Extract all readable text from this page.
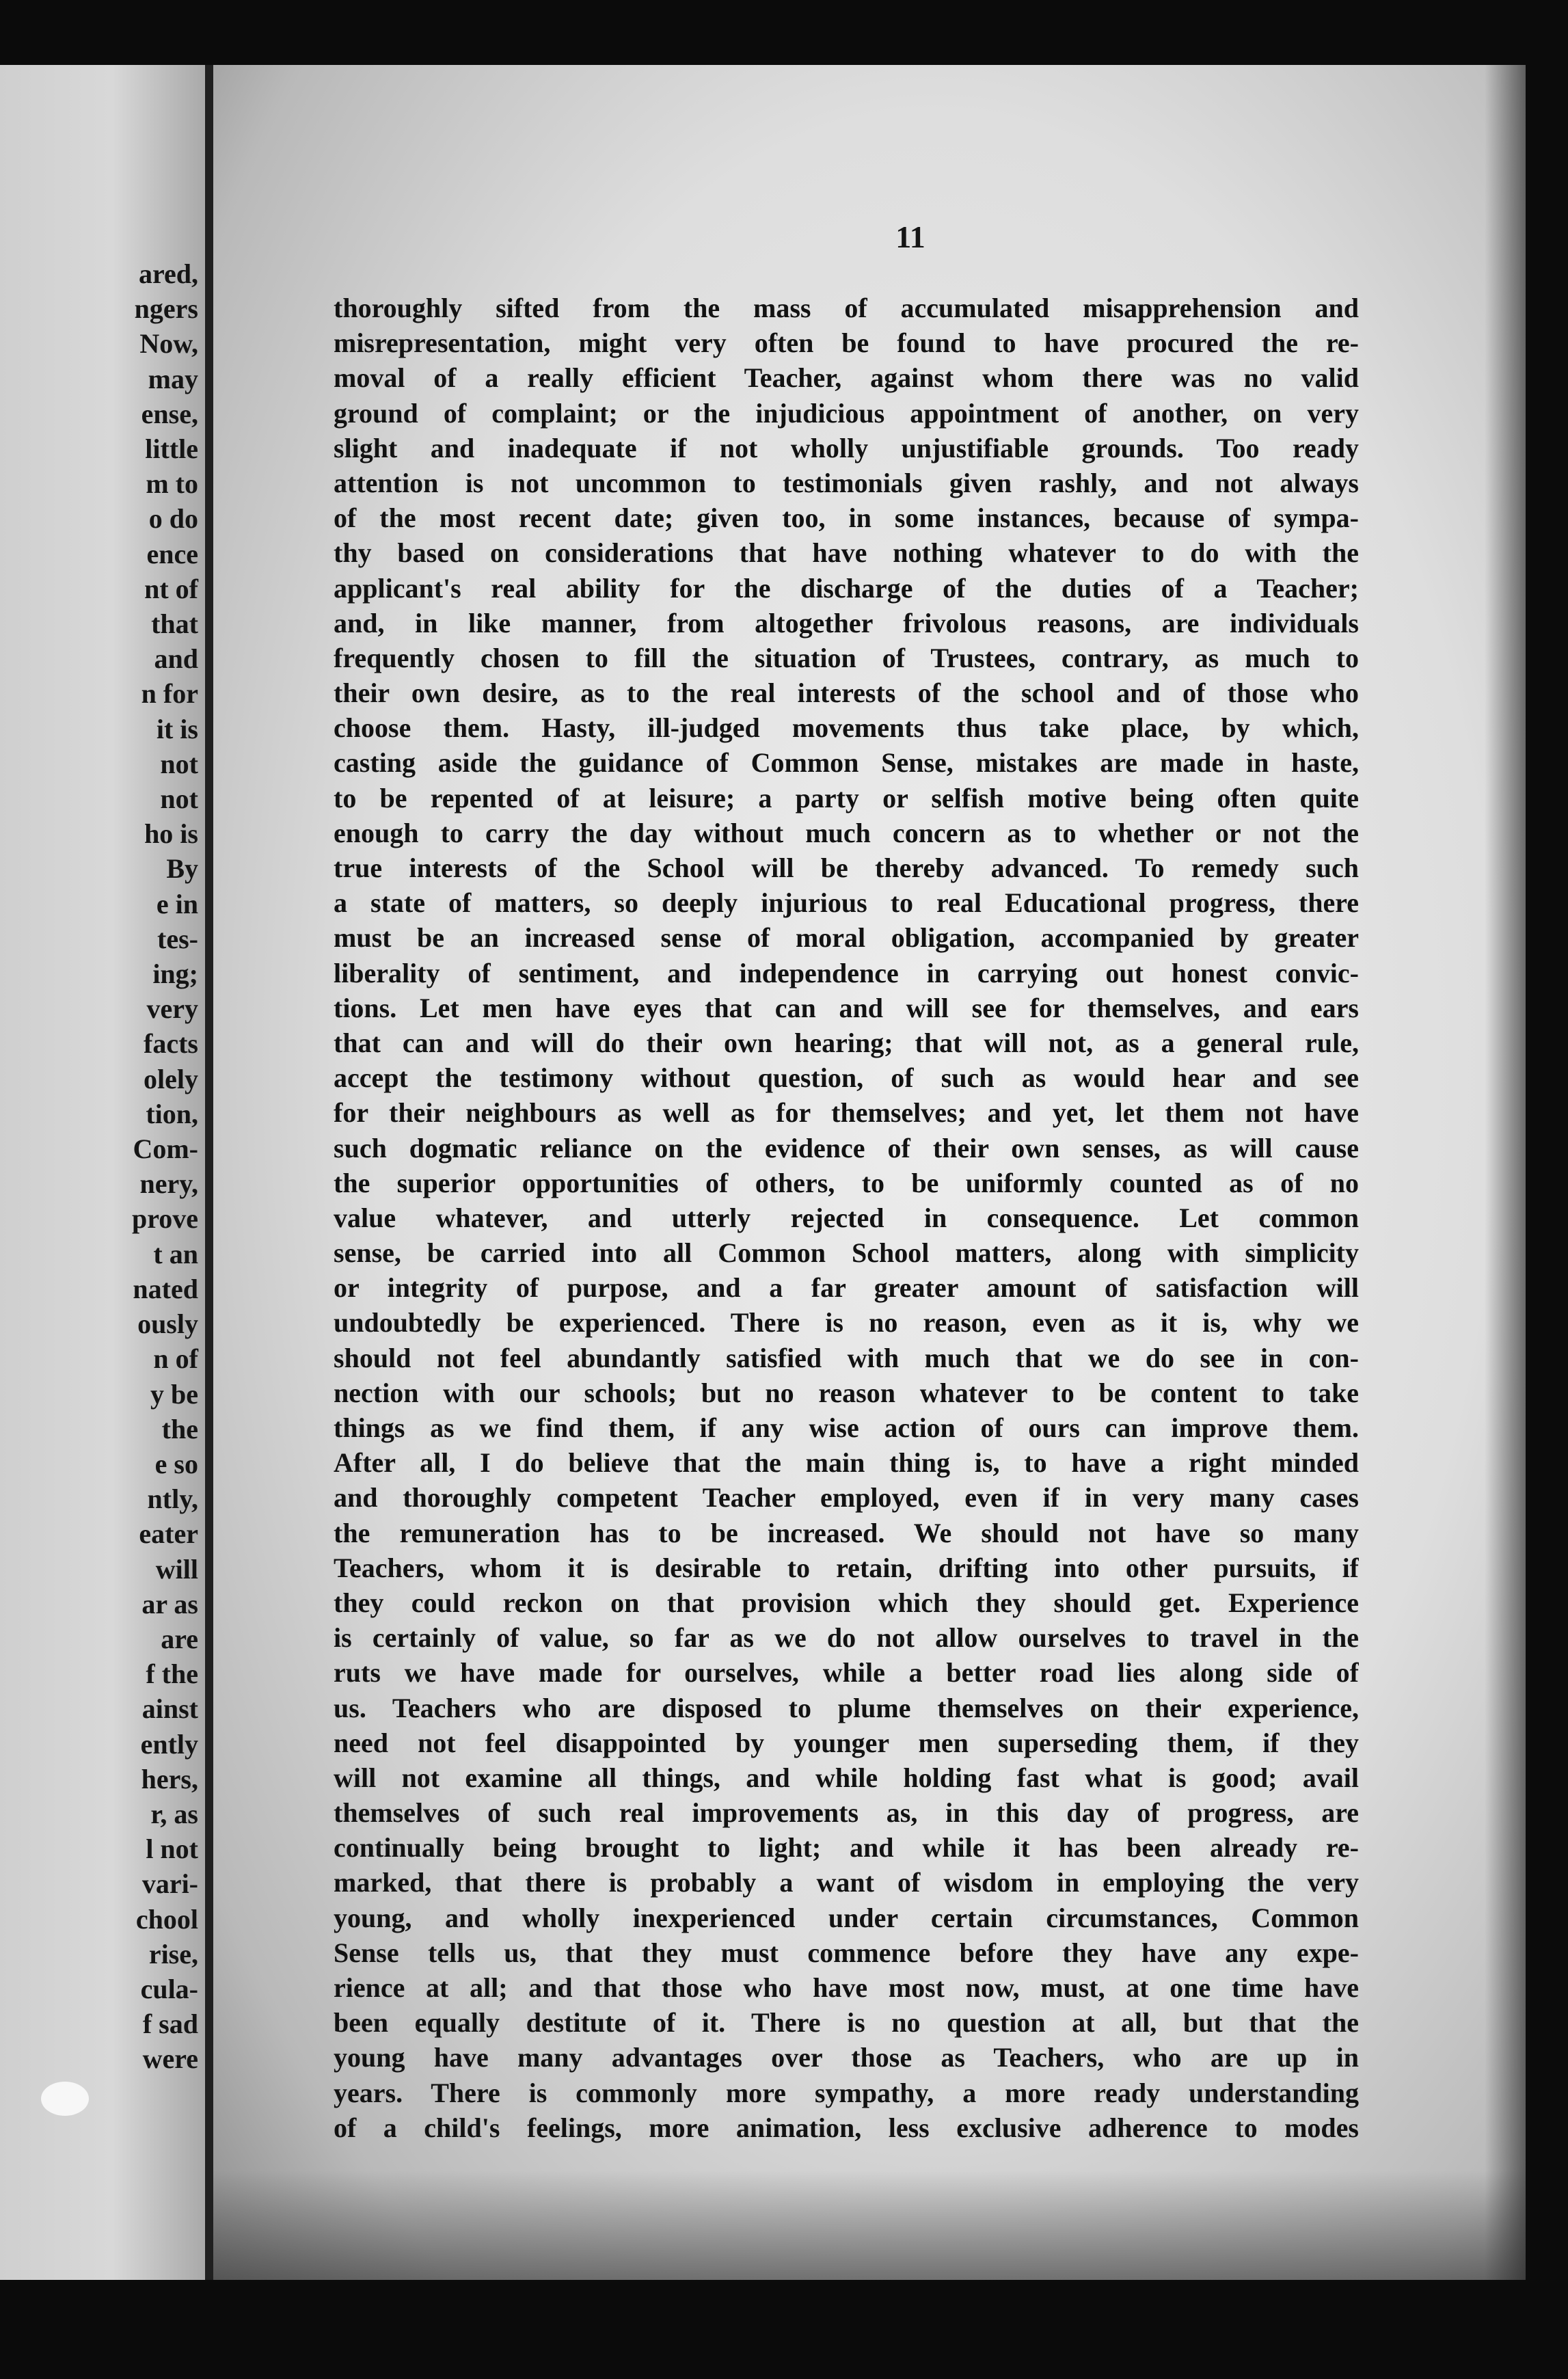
ared,
ngers
Now,
may
ense,
little
m to
o do
ence
nt of
that
and
n for
it is
not
not
ho is
By
e in
tes-
ing;
very
facts
olely
tion,
Com-
nery,
prove
t an
nated
ously
n of
y be
the
e so
ntly,
eater
will
ar as
are
f the
ainst
ently
hers,
r, as
l not
vari-
chool
rise,
cula-
f sad
were
11
thoroughly sifted from the mass of accumulated misapprehension and
misrepresentation, might very often be found to have procured the re-
moval of a really efficient Teacher, against whom there was no valid
ground of complaint; or the injudicious appointment of another, on very
slight and inadequate if not wholly unjustifiable grounds. Too ready
attention is not uncommon to testimonials given rashly, and not always
of the most recent date; given too, in some instances, because of sympa-
thy based on considerations that have nothing whatever to do with the
applicant's real ability for the discharge of the duties of a Teacher;
and, in like manner, from altogether frivolous reasons, are individuals
frequently chosen to fill the situation of Trustees, contrary, as much to
their own desire, as to the real interests of the school and of those who
choose them. Hasty, ill-judged movements thus take place, by which,
casting aside the guidance of Common Sense, mistakes are made in haste,
to be repented of at leisure; a party or selfish motive being often quite
enough to carry the day without much concern as to whether or not the
true interests of the School will be thereby advanced. To remedy such
a state of matters, so deeply injurious to real Educational progress, there
must be an increased sense of moral obligation, accompanied by greater
liberality of sentiment, and independence in carrying out honest convic-
tions. Let men have eyes that can and will see for themselves, and ears
that can and will do their own hearing; that will not, as a general rule,
accept the testimony without question, of such as would hear and see
for their neighbours as well as for themselves; and yet, let them not have
such dogmatic reliance on the evidence of their own senses, as will cause
the superior opportunities of others, to be uniformly counted as of no
value whatever, and utterly rejected in consequence. Let common
sense, be carried into all Common School matters, along with simplicity
or integrity of purpose, and a far greater amount of satisfaction will
undoubtedly be experienced. There is no reason, even as it is, why we
should not feel abundantly satisfied with much that we do see in con-
nection with our schools; but no reason whatever to be content to take
things as we find them, if any wise action of ours can improve them.
After all, I do believe that the main thing is, to have a right minded
and thoroughly competent Teacher employed, even if in very many cases
the remuneration has to be increased. We should not have so many
Teachers, whom it is desirable to retain, drifting into other pursuits, if
they could reckon on that provision which they should get. Experience
is certainly of value, so far as we do not allow ourselves to travel in the
ruts we have made for ourselves, while a better road lies along side of
us. Teachers who are disposed to plume themselves on their experience,
need not feel disappointed by younger men superseding them, if they
will not examine all things, and while holding fast what is good; avail
themselves of such real improvements as, in this day of progress, are
continually being brought to light; and while it has been already re-
marked, that there is probably a want of wisdom in employing the very
young, and wholly inexperienced under certain circumstances, Common
Sense tells us, that they must commence before they have any expe-
rience at all; and that those who have most now, must, at one time have
been equally destitute of it. There is no question at all, but that the
young have many advantages over those as Teachers, who are up in
years. There is commonly more sympathy, a more ready understanding
of a child's feelings, more animation, less exclusive adherence to modes
